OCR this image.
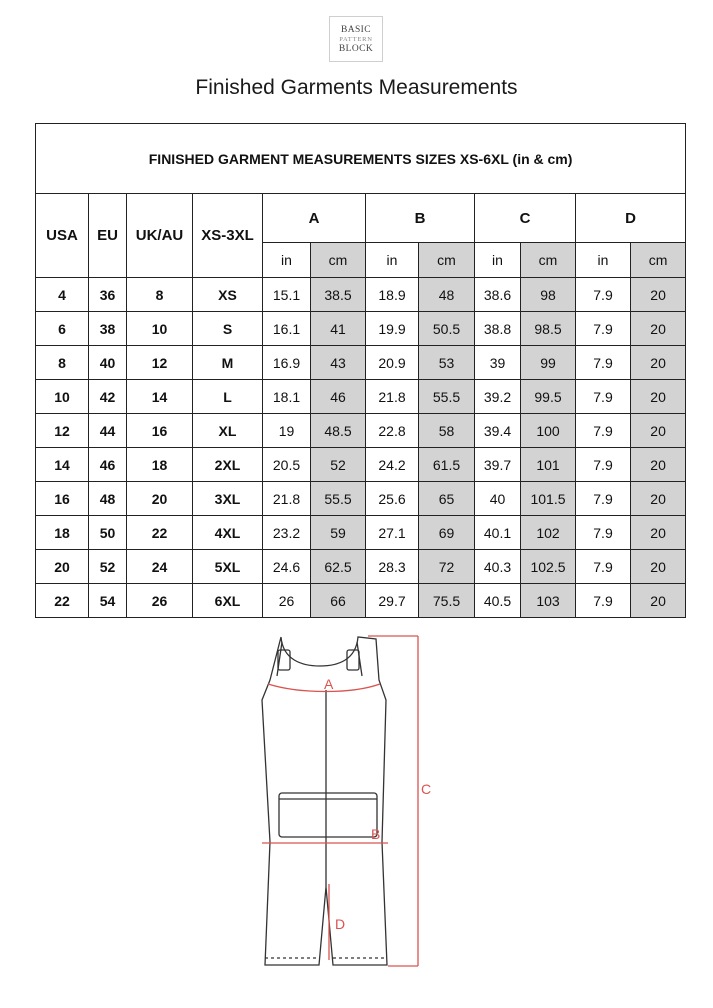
BASIC
PATTERN
BLOCK
Finished Garments Measurements
FINISHED GARMENT MEASUREMENTS SIZES XS-6XL (in & cm)											
USA	EU	UK/AU	XS-3XL	A		B		C		D	
				in	cm	in	cm	in	cm	in	cm
4	36	8	XS	15.1	38.5	18.9	48	38.6	98	7.9	20
6	38	10	S	16.1	41	19.9	50.5	38.8	98.5	7.9	20
8	40	12	M	16.9	43	20.9	53	39	99	7.9	20
10	42	14	L	18.1	46	21.8	55.5	39.2	99.5	7.9	20
12	44	16	XL	19	48.5	22.8	58	39.4	100	7.9	20
14	46	18	2XL	20.5	52	24.2	61.5	39.7	101	7.9	20
16	48	20	3XL	21.8	55.5	25.6	65	40	101.5	7.9	20
18	50	22	4XL	23.2	59	27.1	69	40.1	102	7.9	20
20	52	24	5XL	24.6	62.5	28.3	72	40.3	102.5	7.9	20
22	54	26	6XL	26	66	29.7	75.5	40.5	103	7.9	20
A
B
C
D
